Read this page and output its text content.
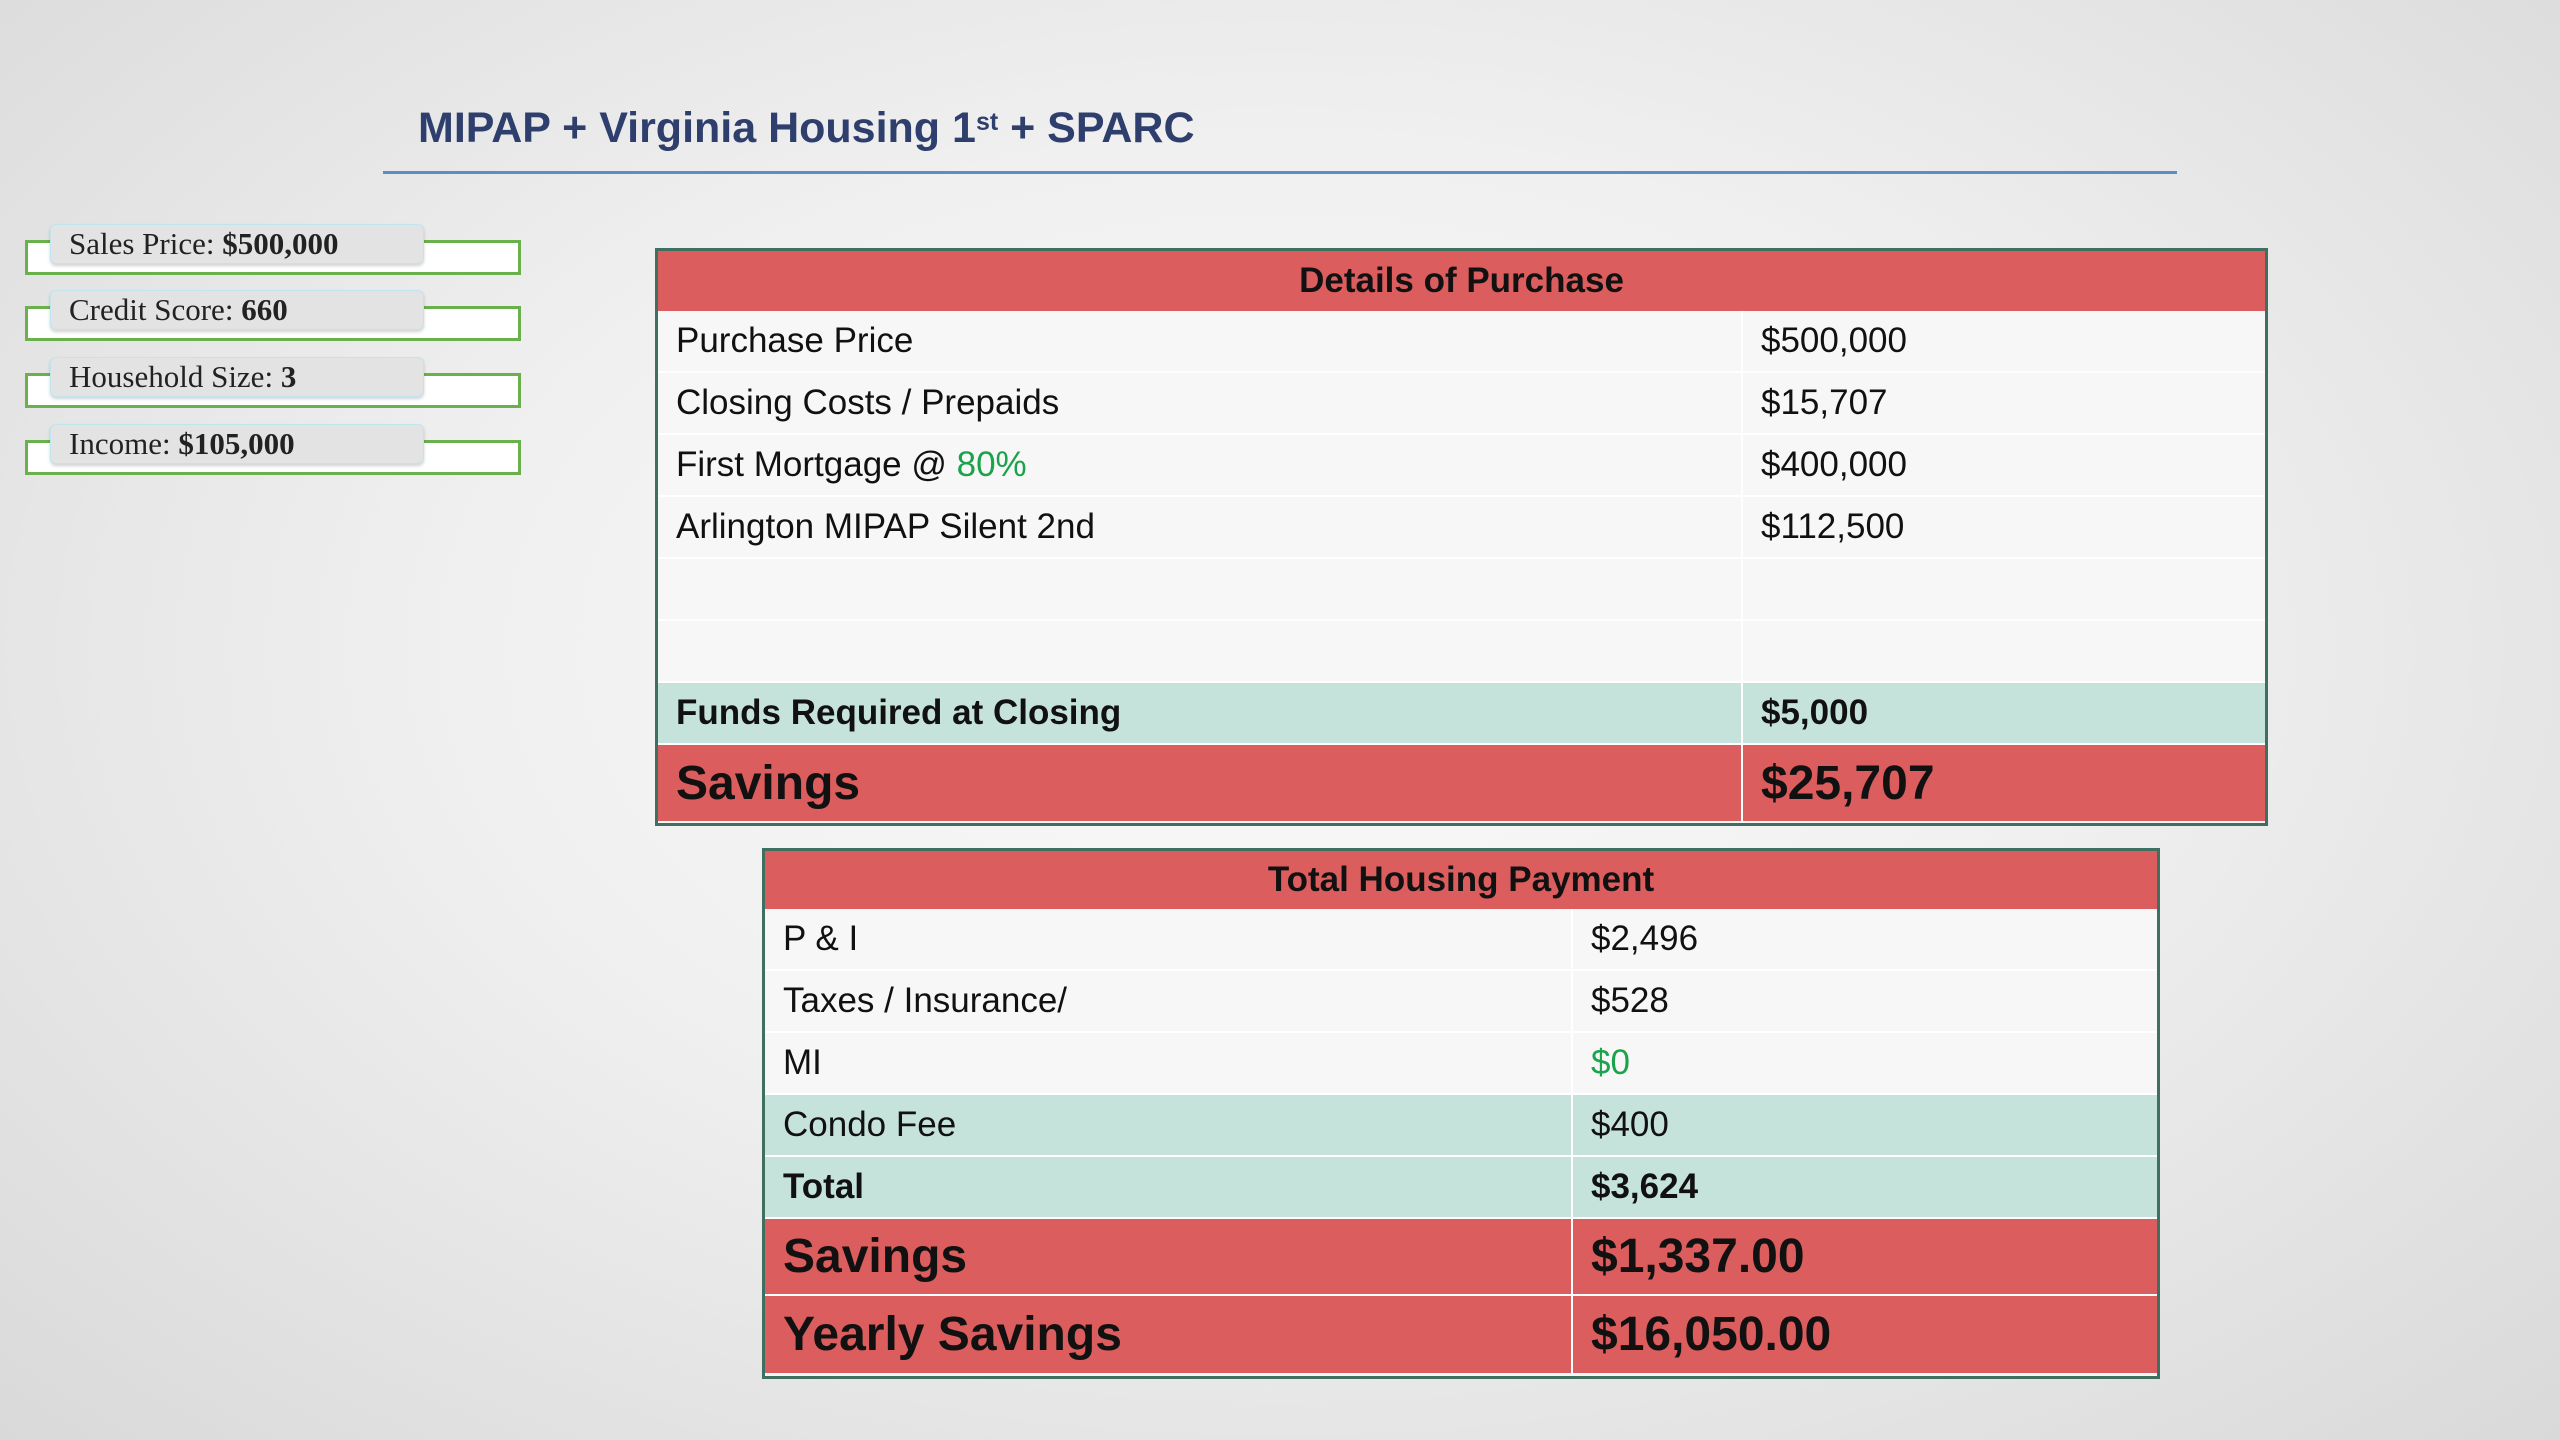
MIPAP + Virginia Housing 1st + SPARC
Sales Price: $500,000
Credit Score: 660
Household Size: 3
Income: $105,000
Details of Purchase
Purchase Price	$500,000
Closing Costs / Prepaids	$15,707
First Mortgage @ 80%	$400,000
Arlington MIPAP Silent 2nd	$112,500
Funds Required at Closing	$5,000
Savings	$25,707
Total Housing Payment
P & I	$2,496
Taxes / Insurance/	$528
MI	$0
Condo Fee	$400
Total	$3,624
Savings	$1,337.00
Yearly Savings	$16,050.00
